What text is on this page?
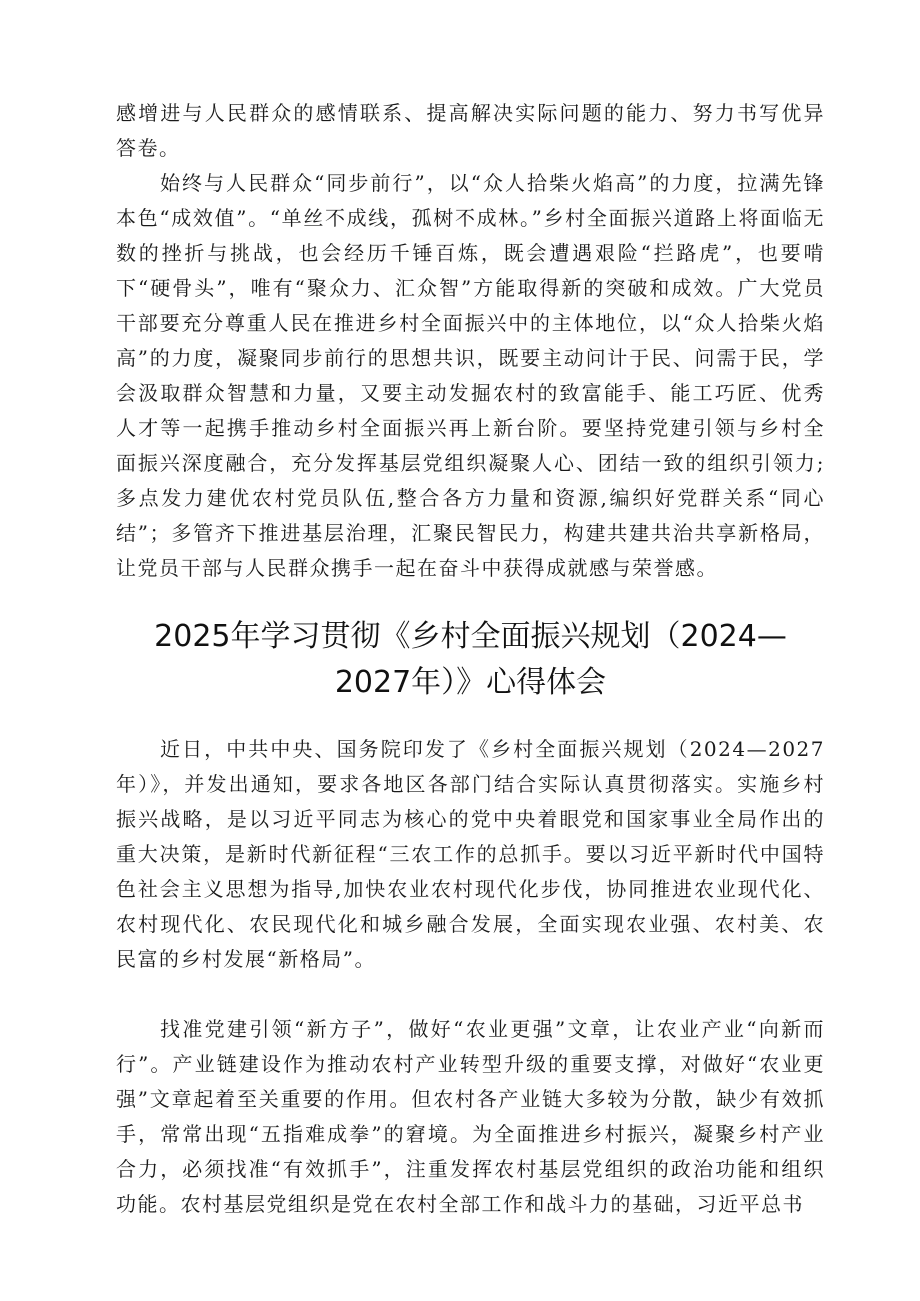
感增进与人民群众的感情联系、提高解决实际问题的能力、努力书写优异答卷。

始终与人民群众“同步前行”，以“众人拾柴火焰高”的力度，拉满先锋本色“成效值”。“单丝不成线，孤树不成林。”乡村全面振兴道路上将面临无数的挫折与挑战，也会经历千锤百炼，既会遭遇艰险“拦路虎”，也要啃下“硬骨头”，唯有“聚众力、汇众智”方能取得新的突破和成效。广大党员干部要充分尊重人民在推进乡村全面振兴中的主体地位，以“众人拾柴火焰高”的力度，凝聚同步前行的思想共识，既要主动问计于民、问需于民，学会汲取群众智慧和力量，又要主动发掘农村的致富能手、能工巧匠、优秀人才等一起携手推动乡村全面振兴再上新台阶。要坚持党建引领与乡村全面振兴深度融合，充分发挥基层党组织凝聚人心、团结一致的组织引领力;多点发力建优农村党员队伍,整合各方力量和资源,编织好党群关系“同心结”；多管齐下推进基层治理，汇聚民智民力，构建共建共治共享新格局，让党员干部与人民群众携手一起在奋斗中获得成就感与荣誉感。

2025年学习贯彻《乡村全面振兴规划（2024—2027年）》心得体会

近日，中共中央、国务院印发了《乡村全面振兴规划（2024—2027年）》，并发出通知，要求各地区各部门结合实际认真贯彻落实。实施乡村振兴战略，是以习近平同志为核心的党中央着眼党和国家事业全局作出的重大决策，是新时代新征程“三农工作的总抓手。要以习近平新时代中国特色社会主义思想为指导,加快农业农村现代化步伐，协同推进农业现代化、农村现代化、农民现代化和城乡融合发展，全面实现农业强、农村美、农民富的乡村发展“新格局”。

找准党建引领“新方子”，做好“农业更强”文章，让农业产业“向新而行”。产业链建设作为推动农村产业转型升级的重要支撑，对做好“农业更强”文章起着至关重要的作用。但农村各产业链大多较为分散，缺少有效抓手，常常出现“五指难成拳”的窘境。为全面推进乡村振兴，凝聚乡村产业合力，必须找准“有效抓手”，注重发挥农村基层党组织的政治功能和组织功能。农村基层党组织是党在农村全部工作和战斗力的基础，习近平总书
